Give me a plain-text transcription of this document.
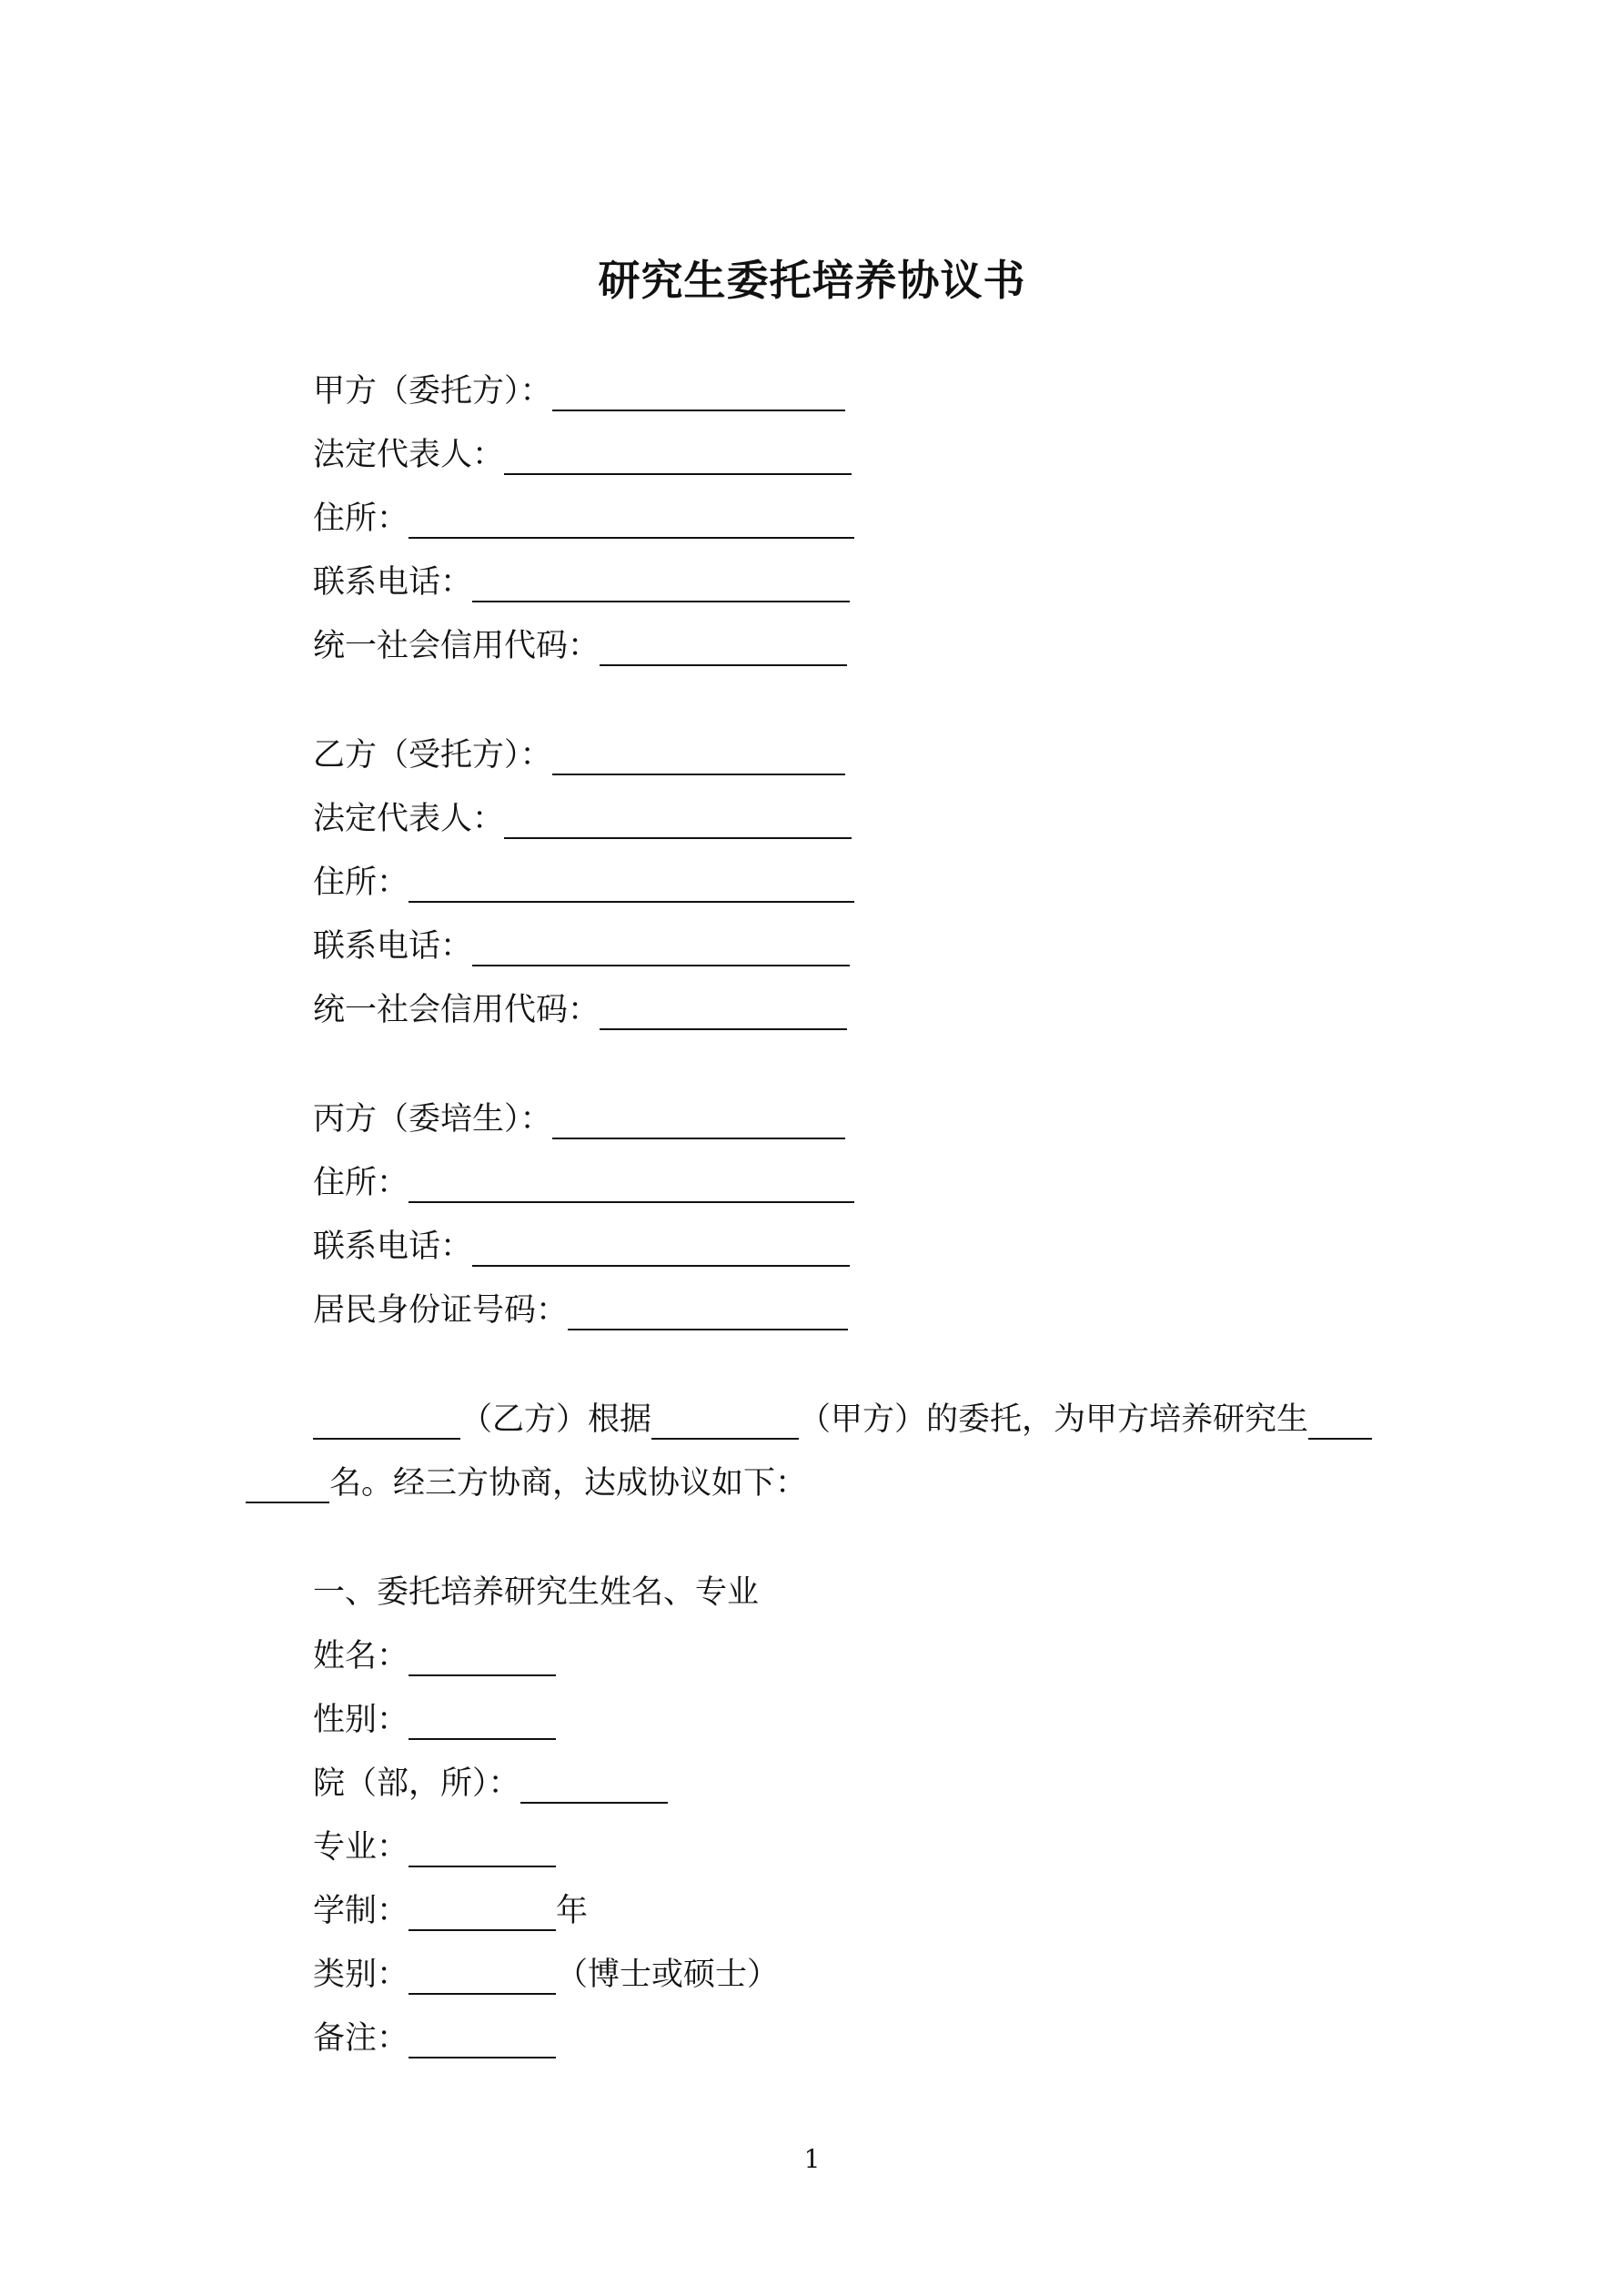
研究生委托培养协议书
甲方（委托方）：
法定代表人：
住所：
联系电话：
统一社会信用代码：
乙方（受托方）：
法定代表人：
住所：
联系电话：
统一社会信用代码：
丙方（委培生）：
住所：
联系电话：
居民身份证号码：
（乙方）根据	（甲方）的委托，为甲方培养研究生
名。经三方协商，达成协议如下：
一、委托培养研究生姓名、专业
姓名：
性别：
院（部，所）：
专业：
学制：	年
类别：	（博士或硕士）
备注：
1
